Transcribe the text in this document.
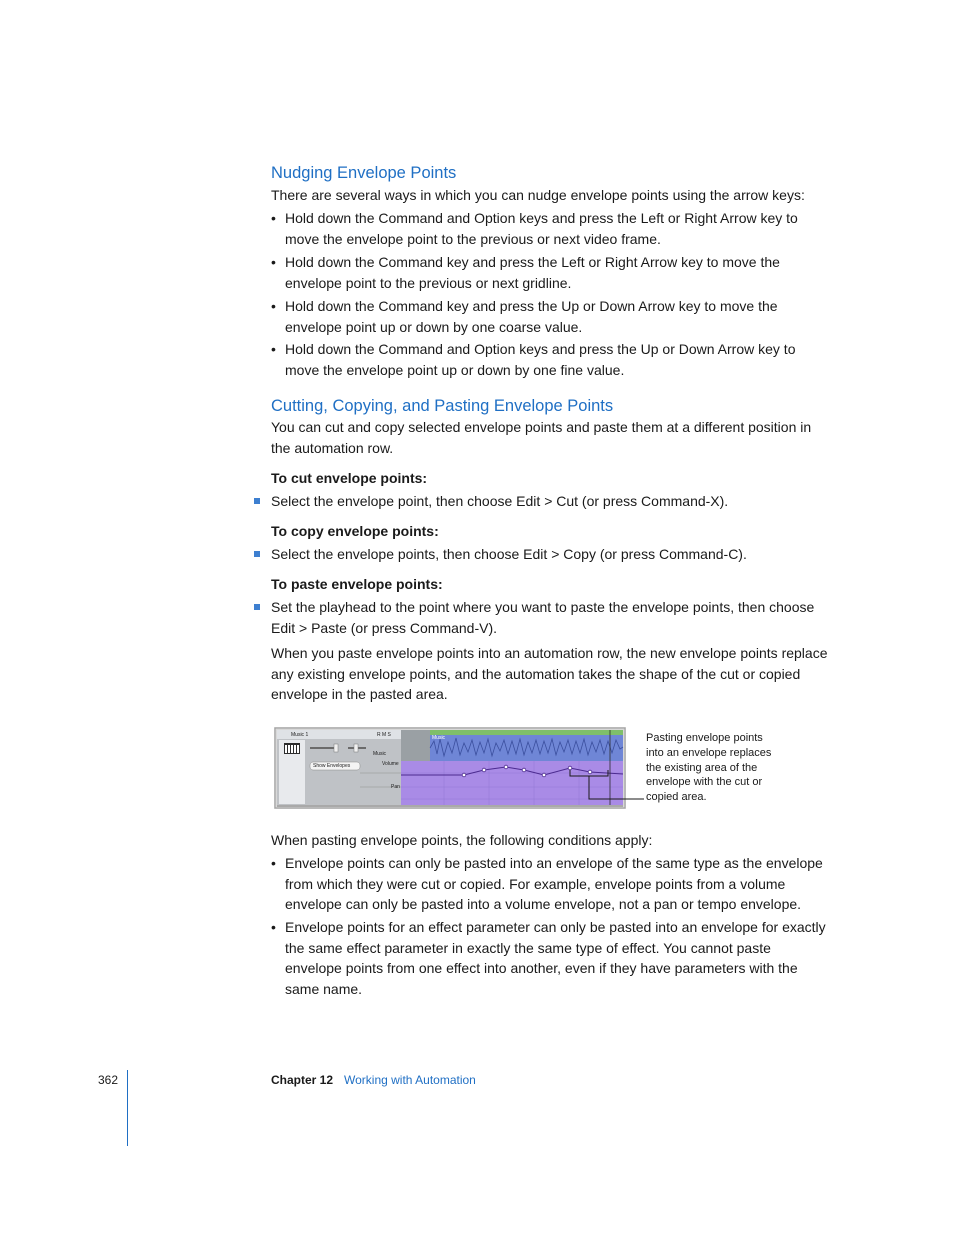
Nudging Envelope Points

There are several ways in which you can nudge envelope points using the arrow keys:

• Hold down the Command and Option keys and press the Left or Right Arrow key to move the envelope point to the previous or next video frame.
• Hold down the Command key and press the Left or Right Arrow key to move the envelope point to the previous or next gridline.
• Hold down the Command key and press the Up or Down Arrow key to move the envelope point up or down by one coarse value.
• Hold down the Command and Option keys and press the Up or Down Arrow key to move the envelope point up or down by one fine value.
Cutting, Copying, and Pasting Envelope Points

You can cut and copy selected envelope points and paste them at a different position in the automation row.

To cut envelope points:

Select the envelope point, then choose Edit > Cut (or press Command-X).

To copy envelope points:

Select the envelope points, then choose Edit > Copy (or press Command-C).

To paste envelope points:

Set the playhead to the point where you want to paste the envelope points, then choose Edit > Paste (or press Command-V).

When you paste envelope points into an automation row, the new envelope points replace any existing envelope points, and the automation takes the shape of the cut or copied envelope in the pasted area.

Music 1	R M S
Music
Show Envelopes	Volume
Pan
Music	Pasting envelope points into an envelope replaces the existing area of the envelope with the cut or copied area.

When pasting envelope points, the following conditions apply:

• Envelope points can only be pasted into an envelope of the same type as the envelope from which they were cut or copied. For example, envelope points from a volume envelope can only be pasted into a volume envelope, not a pan or tempo envelope.
• Envelope points for an effect parameter can only be pasted into an envelope for exactly the same effect parameter in exactly the same type of effect. You cannot paste envelope points from one effect into another, even if they have parameters with the same name.
362	Chapter 12 Working with Automation
